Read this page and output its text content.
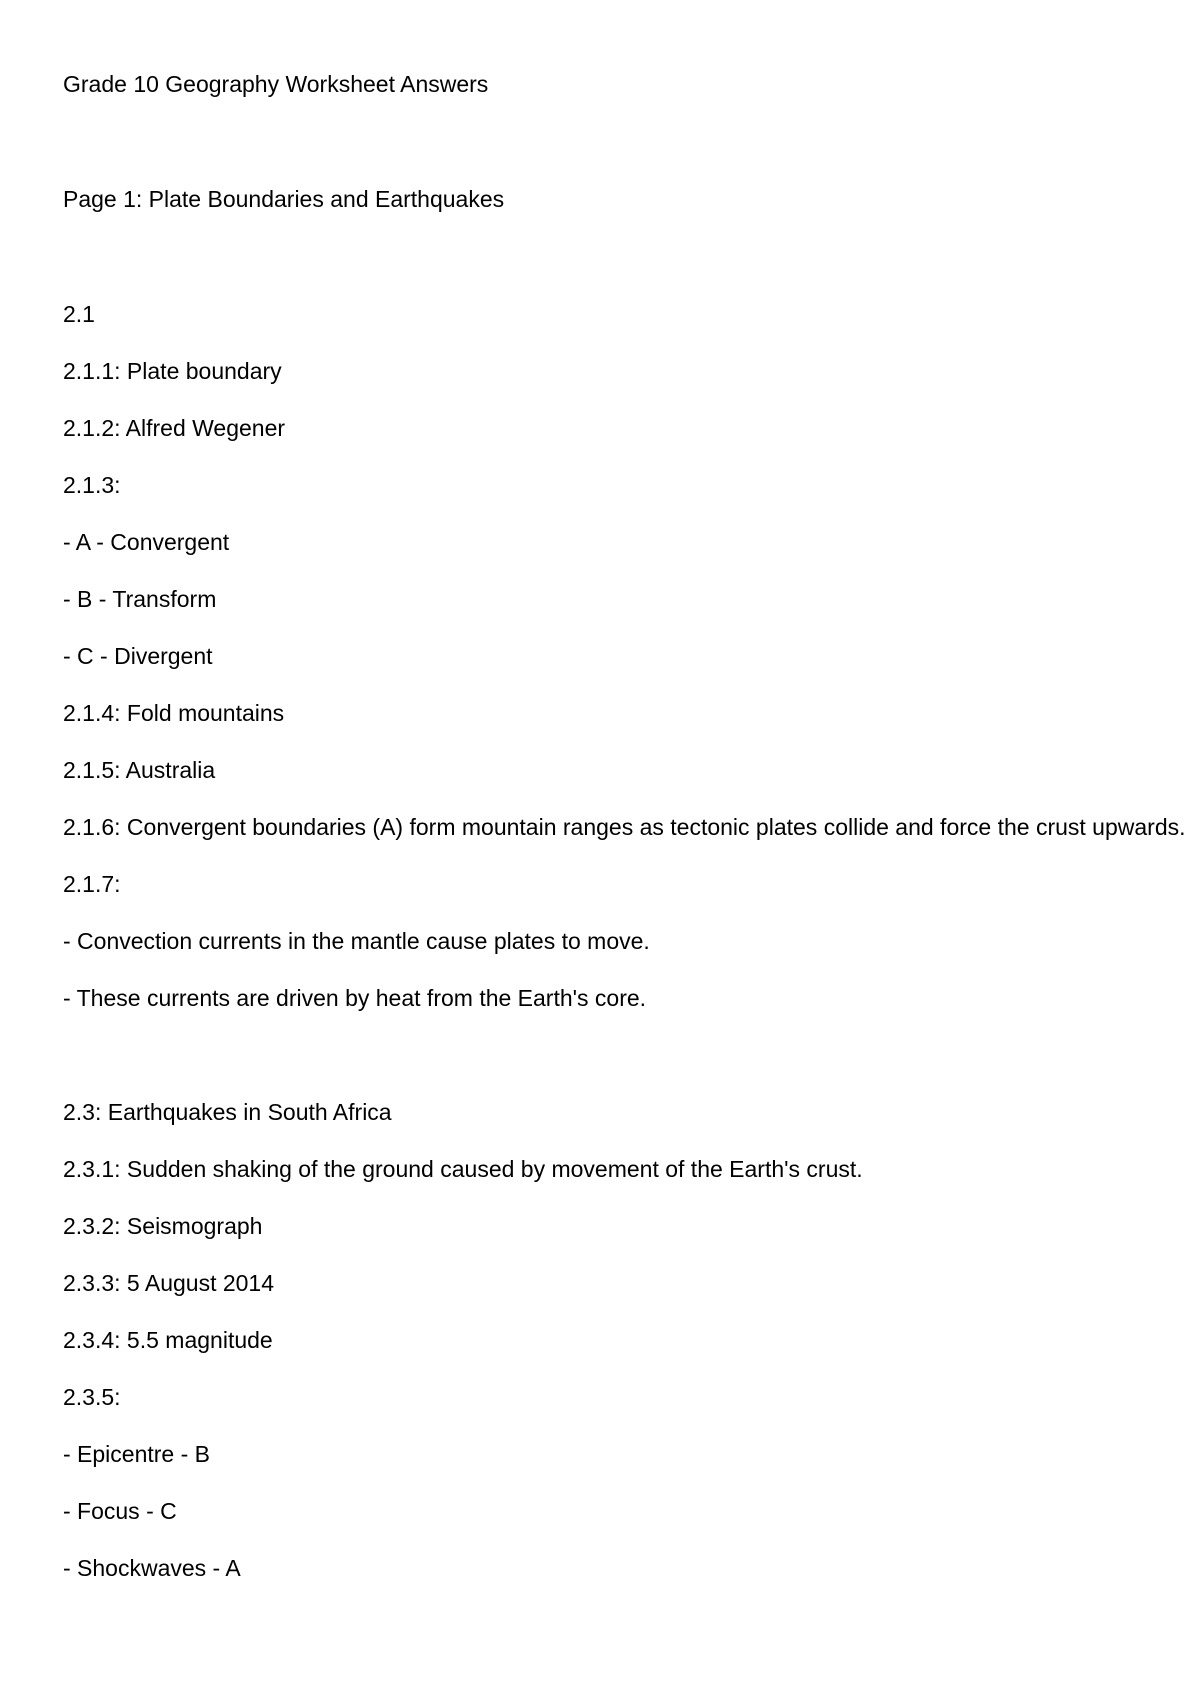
Grade 10 Geography Worksheet Answers

Page 1: Plate Boundaries and Earthquakes

2.1

2.1.1: Plate boundary

2.1.2: Alfred Wegener

2.1.3:

- A - Convergent

- B - Transform

- C - Divergent

2.1.4: Fold mountains

2.1.5: Australia

2.1.6: Convergent boundaries (A) form mountain ranges as tectonic plates collide and force the crust upwards.

2.1.7:

- Convection currents in the mantle cause plates to move.

- These currents are driven by heat from the Earth's core.

2.3: Earthquakes in South Africa

2.3.1: Sudden shaking of the ground caused by movement of the Earth's crust.

2.3.2: Seismograph

2.3.3: 5 August 2014

2.3.4: 5.5 magnitude

2.3.5:

- Epicentre - B

- Focus - C

- Shockwaves - A
